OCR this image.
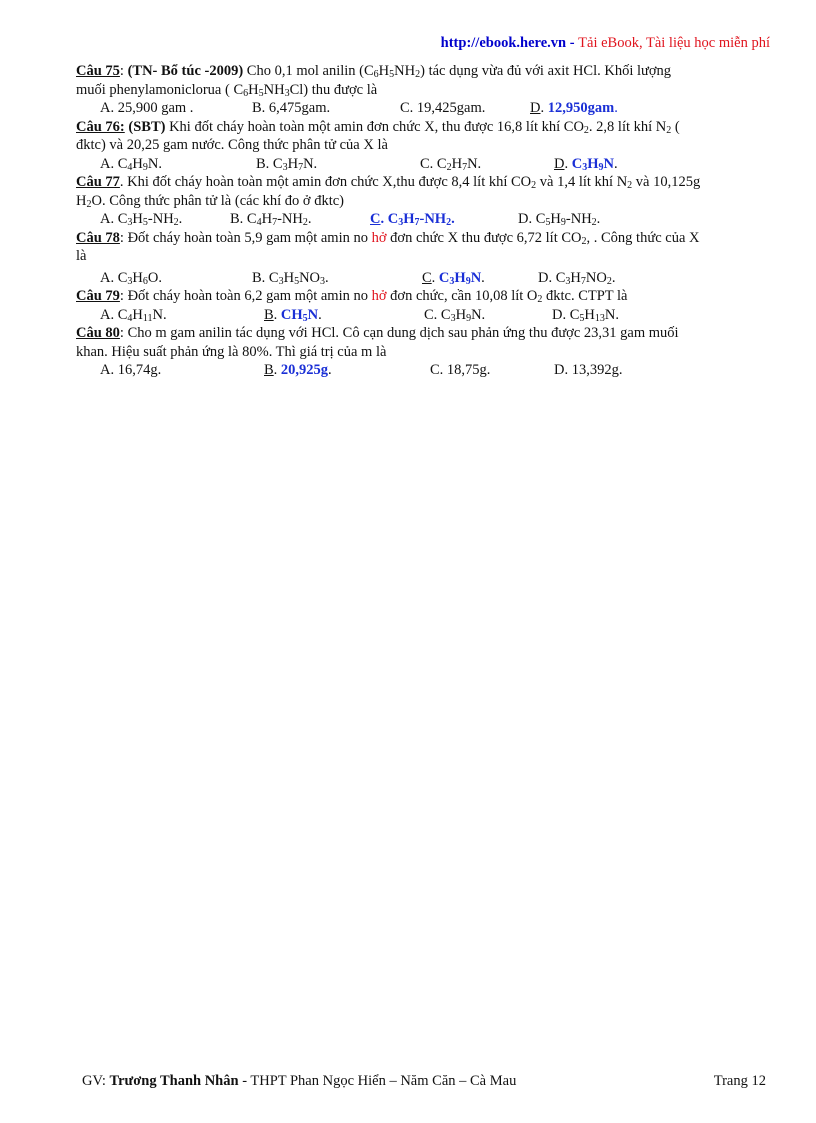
http://ebook.here.vn - Tải eBook, Tài liệu học miễn phí

Câu 75: (TN- Bổ túc -2009) Cho 0,1 mol anilin $(C_6H_5NH_2)$ tác dụng vừa đủ với axit HCl. Khối lượng
muối phenylamoniclorua ( $C_6H_5NH_3Cl$) thu được là

A. 25,900 gam .	B. 6,475gam.	C. 19,425gam.	D. 12,950gam.

Câu 76: (SBT) Khi đốt cháy hoàn toàn một amin đơn chức X, thu được 16,8 lít khí $CO_2$. 2,8 lít khí $N_2$ (
đktc) và 20,25 gam nước. Công thức phân tử của X là

A. $C_4H_9N$.	B. $C_3H_7N$.	C. $C_2H_7N$.	D. $C_3H_9N$.

Câu 77. Khi đốt cháy hoàn toàn một amin đơn chức X,thu được 8,4 lít khí $CO_2$ và 1,4 lít khí $N_2$ và 10,125g
$H_2O$. Công thức phân tử là (các khí đo ở đktc)

A. $C_3H_5-NH_2$.	B. $C_4H_7-NH_2$.	C. $C_3H_7-NH_2$.	D. $C_5H_9-NH_2$.

Câu 78: Đốt cháy hoàn toàn 5,9 gam một amin no hở đơn chức X thu được 6,72 lít $CO_2$, . Công thức của X
là

A. $C_3H_6O$.	B. $C_3H_5NO_3$.	C. $C_3H_9N$.	D. $C_3H_7NO_2$.

Câu 79: Đốt cháy hoàn toàn 6,2 gam một amin no hở đơn chức, cần 10,08 lít $O_2$ đktc. CTPT là

A. $C_4H_{11}N$.	B. $CH_5N$.	C. $C_3H_9N$.	D. $C_5H_{13}N$.

Câu 80: Cho m gam anilin tác dụng với HCl. Cô cạn dung dịch sau phản ứng thu được 23,31 gam muối
khan. Hiệu suất phản ứng là 80%. Thì giá trị của m là

A. 16,74g.	B. 20,925g.	C. 18,75g.	D. 13,392g.
GV: Trương Thanh Nhân - THPT Phan Ngọc Hiển – Năm Căn – Cà Mau	Trang 12
